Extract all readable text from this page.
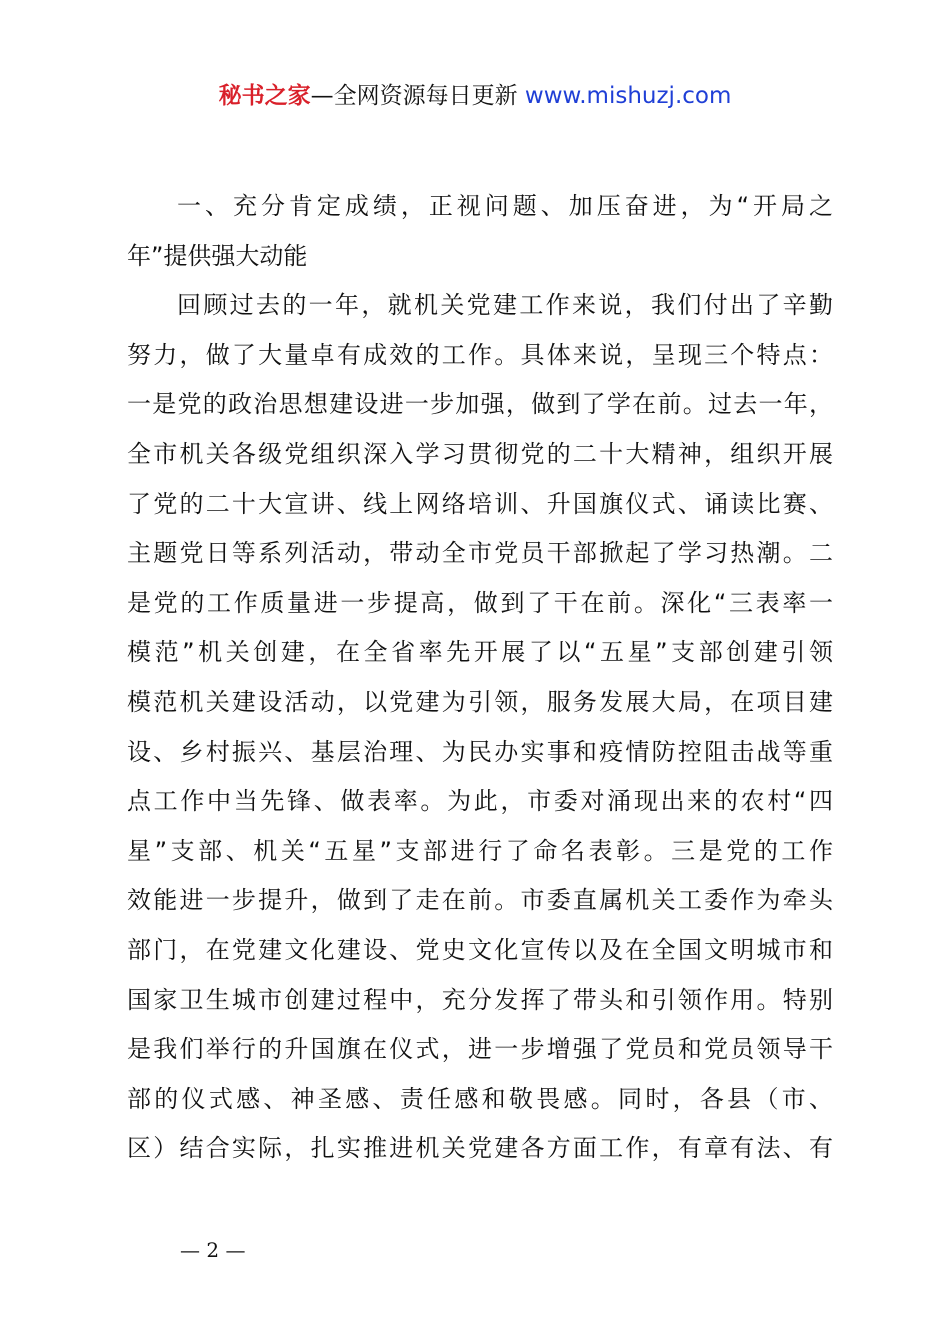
秘书之家—全网资源每日更新 www.mishuzj.com
一、充分肯定成绩，正视问题、加压奋进，为“开局之
年”提供强大动能
回顾过去的一年，就机关党建工作来说，我们付出了辛勤
努力，做了大量卓有成效的工作。具体来说，呈现三个特点：
一是党的政治思想建设进一步加强，做到了学在前。过去一年，
全市机关各级党组织深入学习贯彻党的二十大精神，组织开展
了党的二十大宣讲、线上网络培训、升国旗仪式、诵读比赛、
主题党日等系列活动，带动全市党员干部掀起了学习热潮。二
是党的工作质量进一步提高，做到了干在前。深化“三表率一
模范”机关创建，在全省率先开展了以“五星”支部创建引领
模范机关建设活动，以党建为引领，服务发展大局，在项目建
设、乡村振兴、基层治理、为民办实事和疫情防控阻击战等重
点工作中当先锋、做表率。为此，市委对涌现出来的农村“四
星”支部、机关“五星”支部进行了命名表彰。三是党的工作
效能进一步提升，做到了走在前。市委直属机关工委作为牵头
部门，在党建文化建设、党史文化宣传以及在全国文明城市和
国家卫生城市创建过程中，充分发挥了带头和引领作用。特别
是我们举行的升国旗在仪式，进一步增强了党员和党员领导干
部的仪式感、神圣感、责任感和敬畏感。同时，各县（市、
区）结合实际，扎实推进机关党建各方面工作，有章有法、有
— 2 —
